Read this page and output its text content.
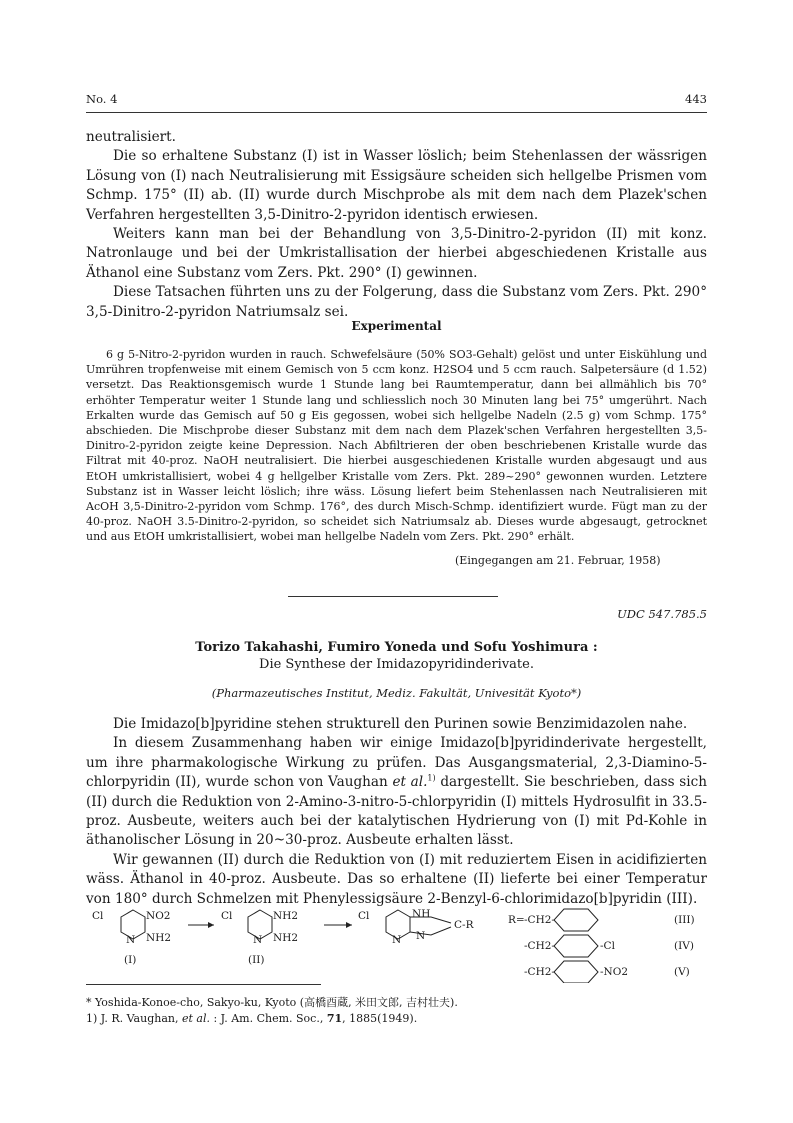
No. 4	443

neutralisiert.

Die so erhaltene Substanz (I) ist in Wasser löslich; beim Stehenlassen der wässrigen Lösung von (I) nach Neutralisierung mit Essigsäure scheiden sich hellgelbe Prismen vom Schmp. 175° (II) ab. (II) wurde durch Mischprobe als mit dem nach dem Plazek'schen Verfahren hergestellten 3,5-Dinitro-2-pyridon identisch erwiesen.

Weiters kann man bei der Behandlung von 3,5-Dinitro-2-pyridon (II) mit konz. Natronlauge und bei der Umkristallisation der hierbei abgeschiedenen Kristalle aus Äthanol eine Substanz vom Zers. Pkt. 290° (I) gewinnen.

Diese Tatsachen führten uns zu der Folgerung, dass die Substanz vom Zers. Pkt. 290° 3,5-Dinitro-2-pyridon Natriumsalz sei.

Experimental

6 g 5-Nitro-2-pyridon wurden in rauch. Schwefelsäure (50% SO3-Gehalt) gelöst und unter Eiskühlung und Umrühren tropfenweise mit einem Gemisch von 5 ccm konz. H2SO4 und 5 ccm rauch. Salpetersäure (d 1.52) versetzt. Das Reaktionsgemisch wurde 1 Stunde lang bei Raumtemperatur, dann bei allmählich bis 70° erhöhter Temperatur weiter 1 Stunde lang und schliesslich noch 30 Minuten lang bei 75° umgerührt. Nach Erkalten wurde das Gemisch auf 50 g Eis gegossen, wobei sich hellgelbe Nadeln (2.5 g) vom Schmp. 175° abschieden. Die Mischprobe dieser Substanz mit dem nach dem Plazek'schen Verfahren hergestellten 3,5-Dinitro-2-pyridon zeigte keine Depression. Nach Abfiltrieren der oben beschriebenen Kristalle wurde das Filtrat mit 40-proz. NaOH neutralisiert. Die hierbei ausgeschiedenen Kristalle wurden abgesaugt und aus EtOH umkristallisiert, wobei 4 g hellgelber Kristalle vom Zers. Pkt. 289~290° gewonnen wurden. Letztere Substanz ist in Wasser leicht löslich; ihre wäss. Lösung liefert beim Stehenlassen nach Neutralisieren mit AcOH 3,5-Dinitro-2-pyridon vom Schmp. 176°, des durch Misch-Schmp. identifiziert wurde. Fügt man zu der 40-proz. NaOH 3.5-Dinitro-2-pyridon, so scheidet sich Natriumsalz ab. Dieses wurde abgesaugt, getrocknet und aus EtOH umkristallisiert, wobei man hellgelbe Nadeln vom Zers. Pkt. 290° erhält.

(Eingegangen am 21. Februar, 1958)
UDC 547.785.5
Torizo Takahashi, Fumiro Yoneda und Sofu Yoshimura :
Die Synthese der Imidazopyridinderivate.
(Pharmazeutisches Institut, Mediz. Fakultät, Univesität Kyoto*)

Die Imidazo[b]pyridine stehen strukturell den Purinen sowie Benzimidazolen nahe.

In diesem Zusammenhang haben wir einige Imidazo[b]pyridinderivate hergestellt, um ihre pharmakologische Wirkung zu prüfen. Das Ausgangsmaterial, 2,3-Diamino-5-chlorpyridin (II), wurde schon von Vaughan et al.$^{1)}$ dargestellt. Sie beschrieben, dass sich (II) durch die Reduktion von 2-Amino-3-nitro-5-chlorpyridin (I) mittels Hydrosulfit in 33.5-proz. Ausbeute, weiters auch bei der katalytischen Hydrierung von (I) mit Pd-Kohle in äthanolischer Lösung in 20~30-proz. Ausbeute erhalten lässt.

Wir gewannen (II) durch die Reduktion von (I) mit reduziertem Eisen in acidifizierten wäss. Äthanol in 40-proz. Ausbeute. Das so erhaltene (II) lieferte bei einer Temperatur von 180° durch Schmelzen mit Phenylessigsäure 2-Benzyl-6-chlorimidazo[b]pyridin (III).

Cl	NO2
NH2
N
(I)
Cl	NH2
NH2
N
(II)
Cl	NH
N N
C-R	R= -CH2-
-CH2-
-CH2-
-Cl
-NO2
(III)
(IV)
(V)

* Yoshida-Konoe-cho, Sakyo-ku, Kyoto (高橋酉蔵, 米田文郎, 吉村壮夫).

1) J. R. Vaughan, et al. : J. Am. Chem. Soc., 71, 1885(1949).
